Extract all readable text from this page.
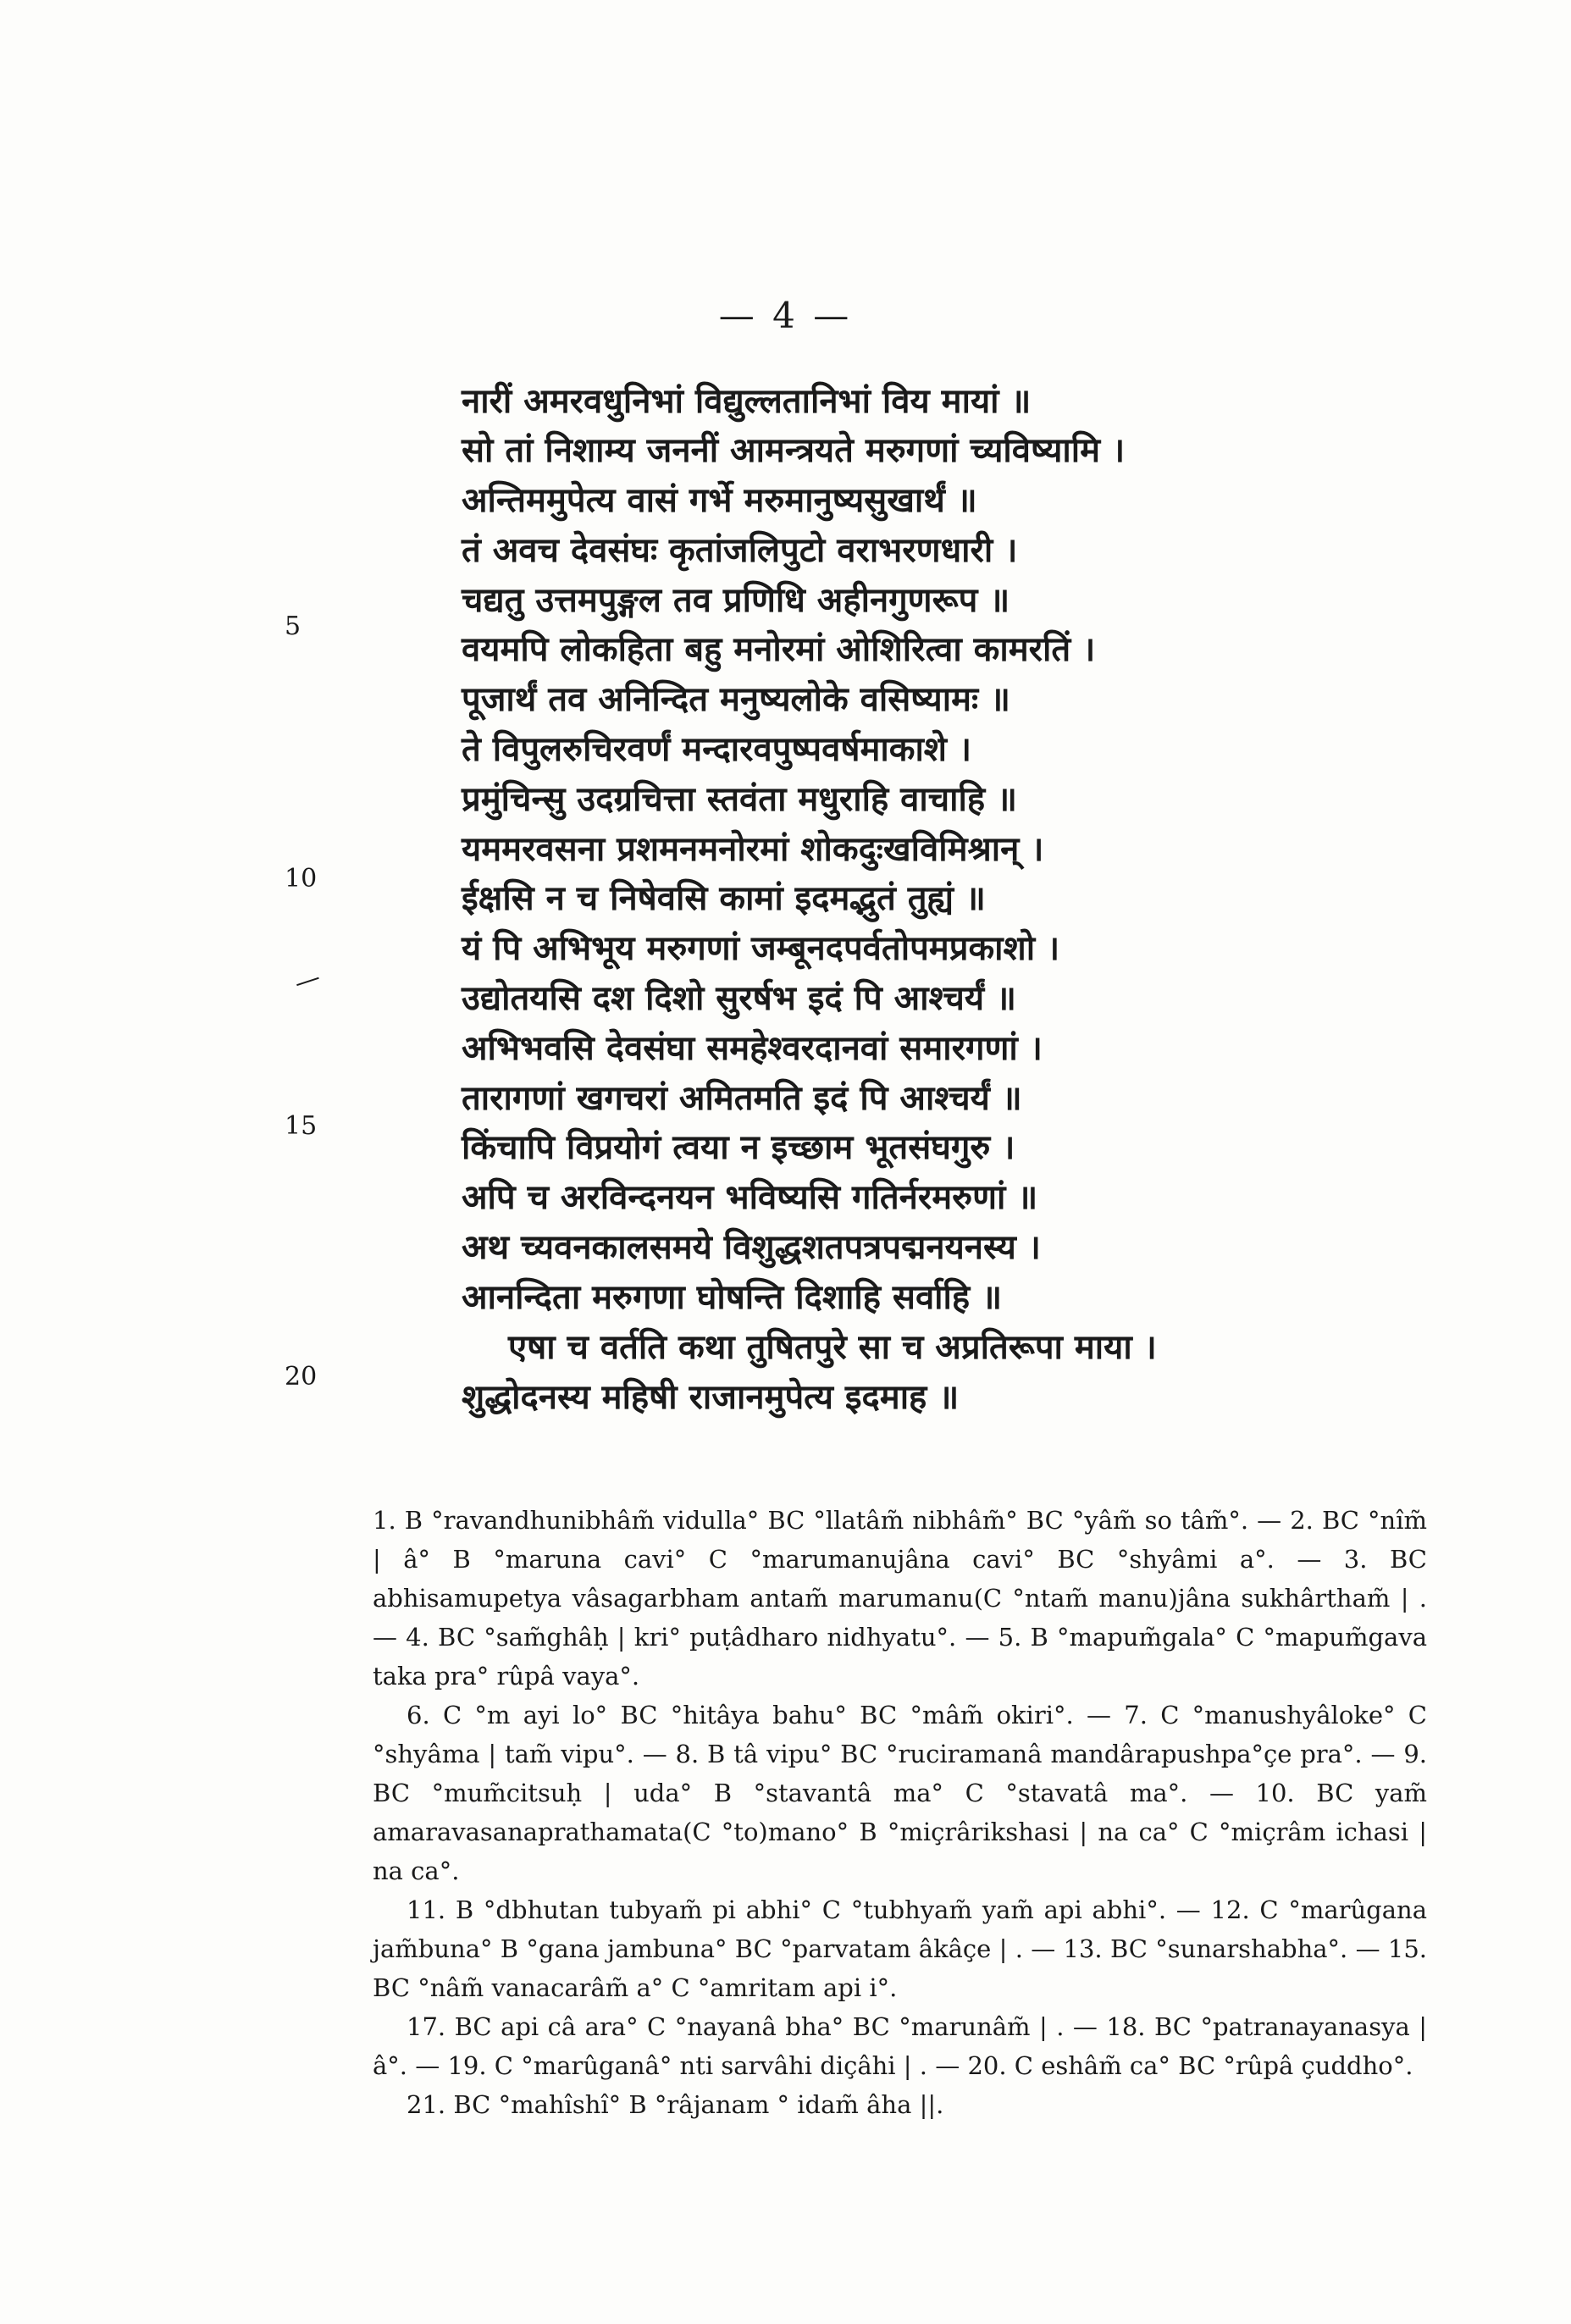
— 4 —
नारीं अमरवधुनिभां विद्युल्लतानिभां विय मायां ॥
सो तां निशाम्य जननीं आमन्त्रयते मरुगणां च्यविष्यामि ।
अन्तिममुपेत्य वासं गर्भे मरुमानुष्यसुखार्थं ॥
तं अवच देवसंघः कृतांजलिपुटो वराभरणधारी ।
चद्यतु उत्तमपुङ्गल तव प्रणिधि अहीनगुणरूप ॥
वयमपि लोकहिता बहु मनोरमां ओशिरित्वा कामरतिं ।
पूजार्थं तव अनिन्दित मनुष्यलोके वसिष्यामः ॥
ते विपुलरुचिरवर्णं मन्दारवपुष्पवर्षमाकाशे ।
प्रमुंचिन्सु उदग्रचित्ता स्तवंता मधुराहि वाचाहि ॥
यममरवसना प्रशमनमनोरमां शोकदुःखविमिश्रान् ।
ईक्षसि न च निषेवसि कामां इदमद्भुतं तुह्यं ॥
यं पि अभिभूय मरुगणां जम्बूनदपर्वतोपमप्रकाशो ।
उद्योतयसि दश दिशो सुरर्षभ इदं पि आश्चर्यं ॥
अभिभवसि देवसंघा समहेश्वरदानवां समारगणां ।
तारागणां खगचरां अमितमति इदं पि आश्चर्यं ॥
किंचापि विप्रयोगं त्वया न इच्छाम भूतसंघगुरु ।
अपि च अरविन्दनयन भविष्यसि गतिर्नरमरुणां ॥
अथ च्यवनकालसमये विशुद्धशतपत्रपद्मनयनस्य ।
आनन्दिता मरुगणा घोषन्ति दिशाहि सर्वाहि ॥
एषा च वर्तति कथा तुषितपुरे सा च अप्रतिरूपा माया ।
शुद्धोदनस्य महिषी राजानमुपेत्य इदमाह ॥
5
10
15
20
—

1. B °ravandhunibhâm̃ vidulla° BC °llatâm̃ nibhâm̃° BC °yâm̃ so tâm̃°. — 2. BC °nîm̃ | â° B °maruna cavi° C °marumanujâna cavi° BC °shyâmi a°. — 3. BC abhisamupetya vâsagarbham antam̃ marumanu(C °ntam̃ manu)jâna sukhârtham̃ | . — 4. BC °sam̃ghâḥ | kri° puṭâdharo nidhyatu°. — 5. B °mapum̃gala° C °mapum̃gava taka pra° rûpâ vaya°.

6. C °m ayi lo° BC °hitâya bahu° BC °mâm̃ okiri°. — 7. C °manushyâloke° C °shyâma | tam̃ vipu°. — 8. B tâ vipu° BC °ruciramanâ mandârapushpa°çe pra°. — 9. BC °mum̃citsuḥ | uda° B °stavantâ ma° C °stavatâ ma°. — 10. BC yam̃ amaravasanaprathamata(C °to)mano° B °miçrârikshasi | na ca° C °miçrâm ichasi | na ca°.

11. B °dbhutan tubyam̃ pi abhi° C °tubhyam̃ yam̃ api abhi°. — 12. C °marûgana jam̃buna° B °gana jambuna° BC °parvatam âkâçe | . — 13. BC °sunarshabha°. — 15. BC °nâm̃ vanacarâm̃ a° C °amritam api i°.

17. BC api câ ara° C °nayanâ bha° BC °marunâm̃ | . — 18. BC °patranayanasya | â°. — 19. C °marûganâ° nti sarvâhi diçâhi | . — 20. C eshâm̃ ca° BC °rûpâ çuddho°.

21. BC °mahîshî° B °râjanam ° idam̃ âha ||.
